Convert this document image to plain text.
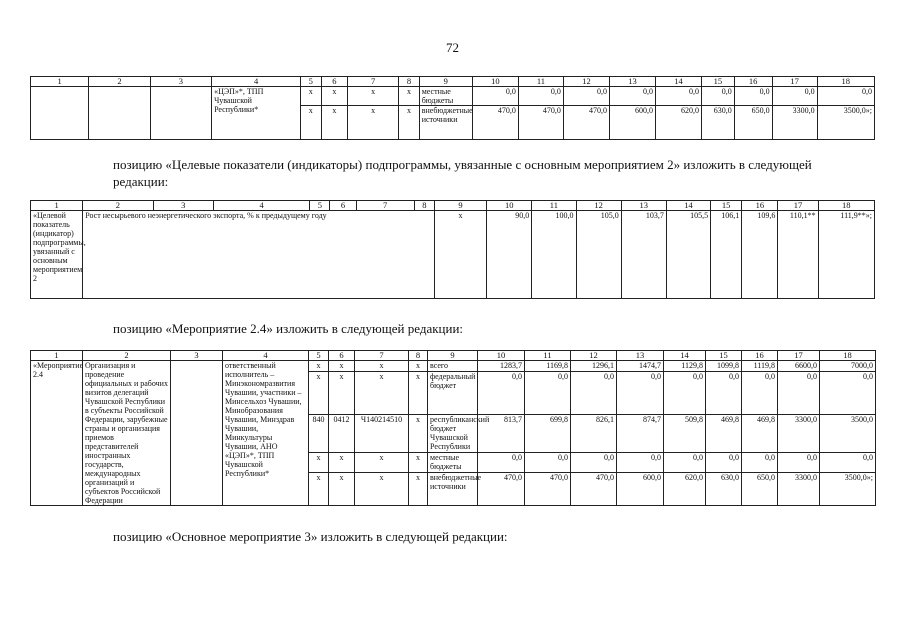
72
1	2	3	4	5	6	7	8	9	10	11	12	13	14	15	16	17	18
			«ЦЭП»*, ТПП Чувашской Республики*	x	x	x	x	местные бюджеты	0,0	0,0	0,0	0,0	0,0	0,0	0,0	0,0	0,0
				x	x	x	x	внебюджетные источники	470,0	470,0	470,0	600,0	620,0	630,0	650,0	3300,0	3500,0»;
позицию «Целевые показатели (индикаторы) подпрограммы, увязанные с основным мероприятием 2» изложить в следующей редакции:
1	2	3	4	5	6	7	8	9	10	11	12	13	14	15	16	17	18
«Целевой показатель (индикатор) подпрограммы, увязанный с основным мероприятием 2	Рост несырьевого неэнергетического экспорта, % к предыдущему году							x	90,0	100,0	105,0	103,7	105,5	106,1	109,6	110,1**	111,9**»;
позицию «Мероприятие 2.4» изложить в следующей редакции:
1	2	3	4	5	6	7	8	9	10	11	12	13	14	15	16	17	18
«Мероприятие 2.4	Организация и проведение официальных и рабочих визитов делегаций Чувашской Республики в субъекты Российской Федерации, зарубежные страны и организация приемов представителей иностранных государств, международных организаций и субъектов Российской Федерации		ответственный исполнитель – Минэкономразвития Чувашии, участники – Минсельхоз Чувашии, Минобразования Чувашии, Минздрав Чувашии, Минкультуры Чувашии, АНО «ЦЭП»*, ТПП Чувашской Республики*	x	x	x	x	всего	1283,7	1169,8	1296,1	1474,7	1129,8	1099,8	1119,8	6600,0	7000,0
				x	x	x	x	федеральный бюджет	0,0	0,0	0,0	0,0	0,0	0,0	0,0	0,0	0,0
				840	0412	Ч140214510	x	республиканский бюджет Чувашской Республики	813,7	699,8	826,1	874,7	509,8	469,8	469,8	3300,0	3500,0
				x	x	x	x	местные бюджеты	0,0	0,0	0,0	0,0	0,0	0,0	0,0	0,0	0,0
				x	x	x	x	внебюджетные источники	470,0	470,0	470,0	600,0	620,0	630,0	650,0	3300,0	3500,0»;
позицию «Основное мероприятие 3» изложить в следующей редакции:
